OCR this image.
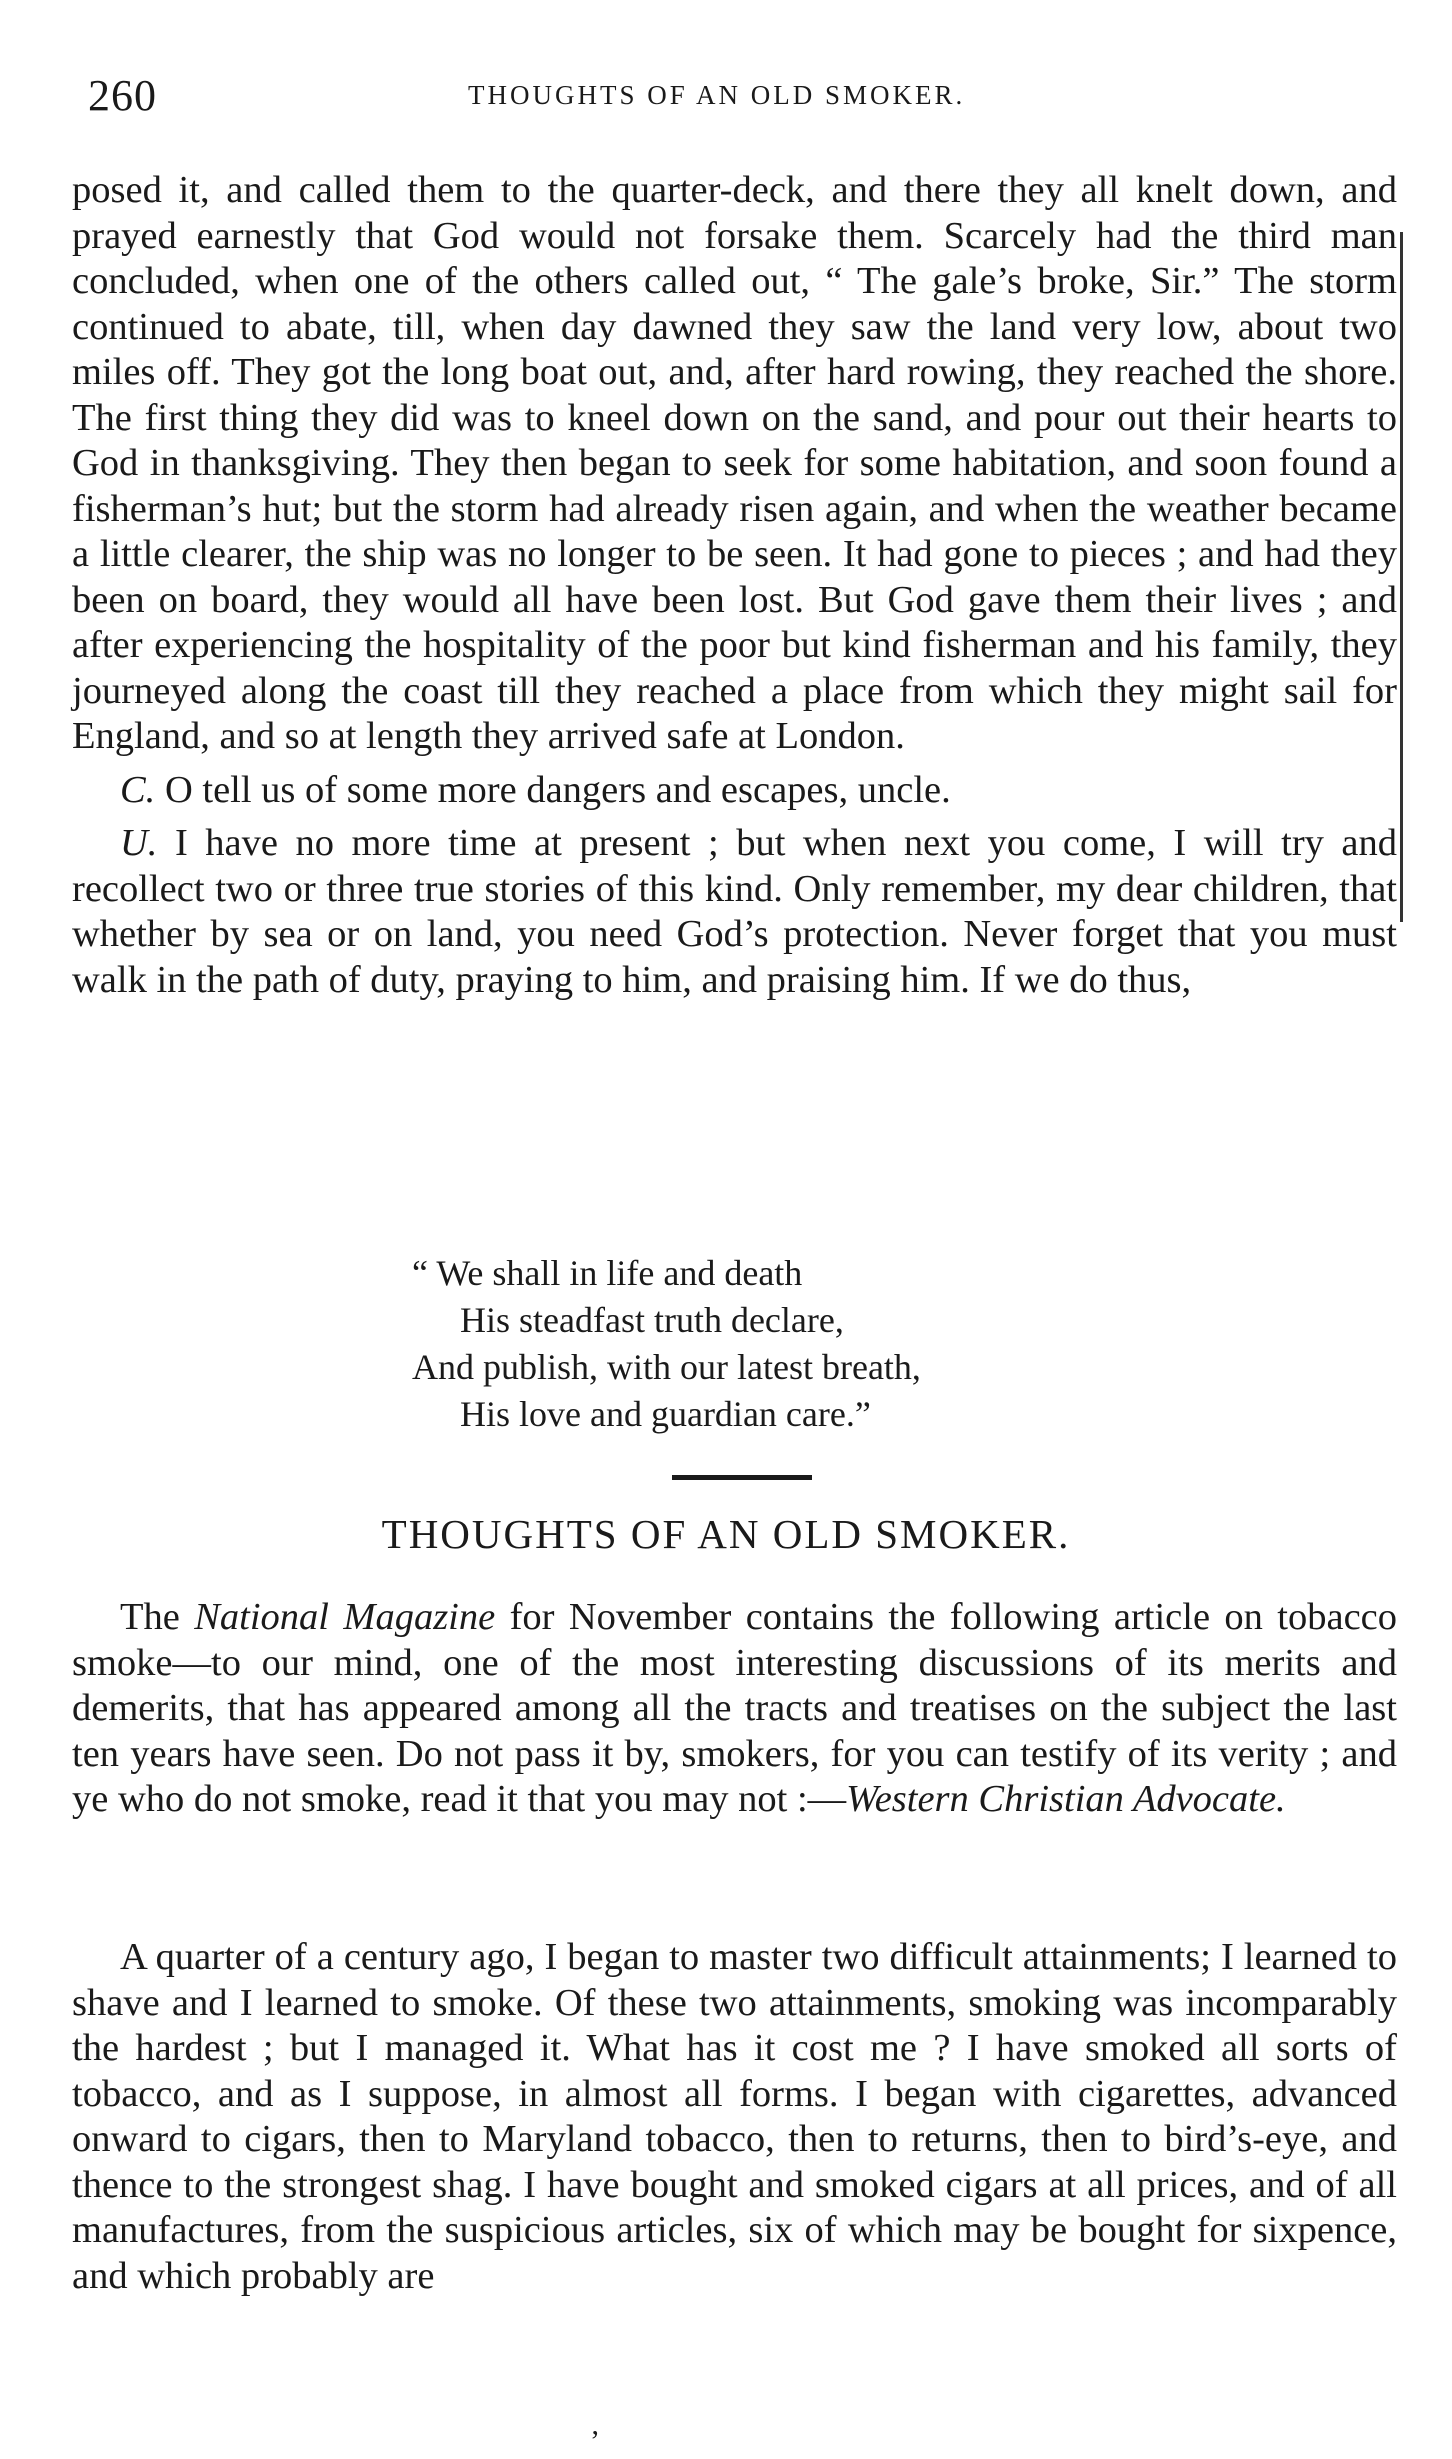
260	THOUGHTS OF AN OLD SMOKER.

posed it, and called them to the quarter-deck, and there they all knelt down, and prayed earnestly that God would not forsake them. Scarcely had the third man concluded, when one of the others called out, “ The gale’s broke, Sir.” The storm continued to abate, till, when day dawned they saw the land very low, about two miles off. They got the long boat out, and, after hard rowing, they reached the shore. The first thing they did was to kneel down on the sand, and pour out their hearts to God in thanksgiving. They then began to seek for some habitation, and soon found a fisherman’s hut; but the storm had already risen again, and when the weather became a little clearer, the ship was no longer to be seen. It had gone to pieces ; and had they been on board, they would all have been lost. But God gave them their lives ; and after experiencing the hospitality of the poor but kind fisherman and his family, they journeyed along the coast till they reached a place from which they might sail for England, and so at length they arrived safe at London.

C. O tell us of some more dangers and escapes, uncle.

U. I have no more time at present ; but when next you come, I will try and recollect two or three true stories of this kind. Only remember, my dear children, that whether by sea or on land, you need God’s protection. Never forget that you must walk in the path of duty, praying to him, and praising him. If we do thus,

“ We shall in life and death
His steadfast truth declare,
And publish, with our latest breath,
His love and guardian care.”
THOUGHTS OF AN OLD SMOKER.

The National Magazine for November contains the following article on tobacco smoke—to our mind, one of the most interesting discussions of its merits and demerits, that has appeared among all the tracts and treatises on the subject the last ten years have seen. Do not pass it by, smokers, for you can testify of its verity ; and ye who do not smoke, read it that you may not :—Western Christian Advocate.

A quarter of a century ago, I began to master two difficult attainments; I learned to shave and I learned to smoke. Of these two attainments, smoking was incomparably the hardest ; but I managed it. What has it cost me ? I have smoked all sorts of tobacco, and as I suppose, in almost all forms. I began with cigarettes, advanced onward to cigars, then to Maryland tobacco, then to returns, then to bird’s-eye, and thence to the strongest shag. I have bought and smoked cigars at all prices, and of all manufactures, from the suspicious articles, six of which may be bought for sixpence, and which probably are

ʼ
